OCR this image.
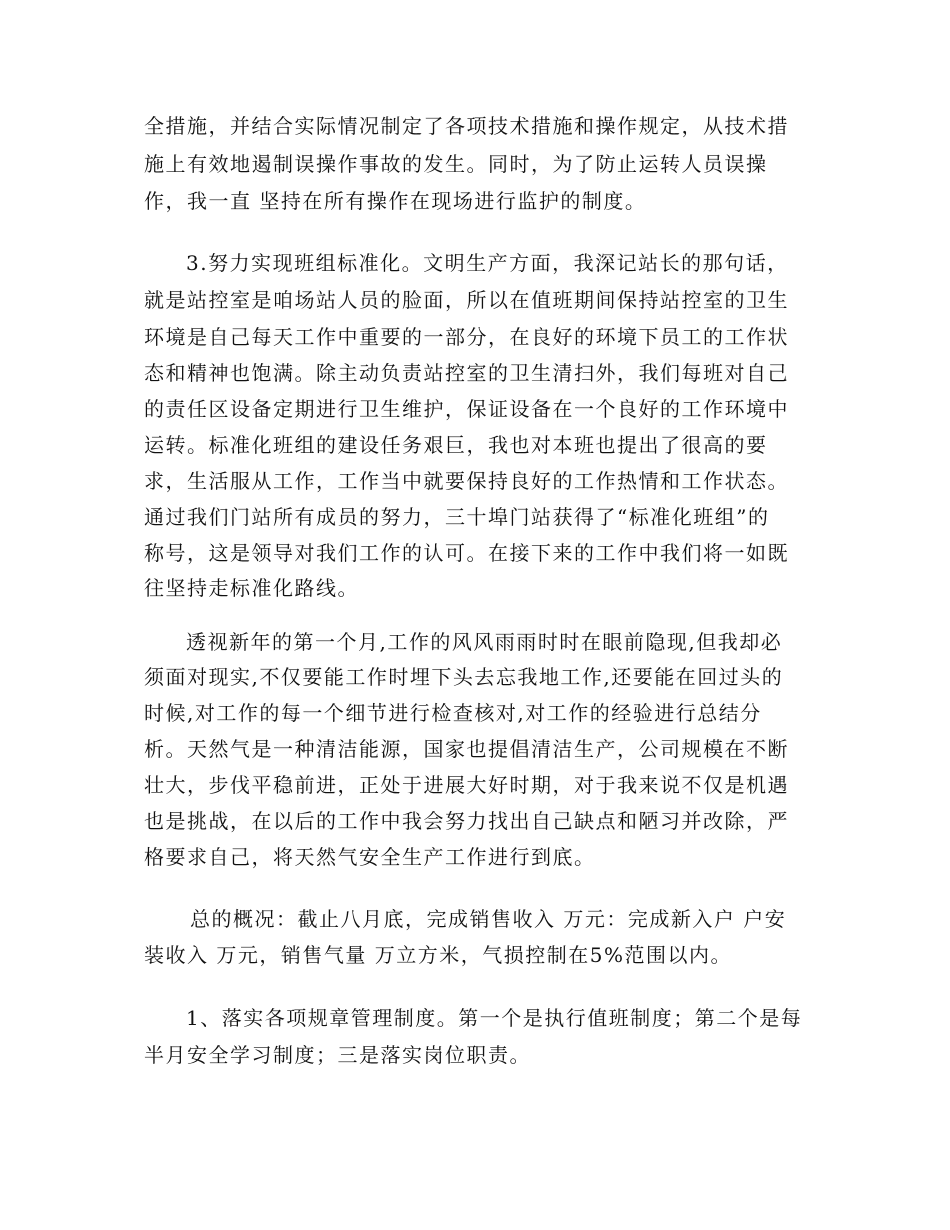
全措施，并结合实际情况制定了各项技术措施和操作规定，从技术措
施上有效地遏制误操作事故的发生。同时，为了防止运转人员误操
作，我一直 坚持在所有操作在现场进行监护的制度。
3.努力实现班组标准化。文明生产方面，我深记站长的那句话，
就是站控室是咱场站人员的脸面，所以在值班期间保持站控室的卫生
环境是自己每天工作中重要的一部分，在良好的环境下员工的工作状
态和精神也饱满。除主动负责站控室的卫生清扫外，我们每班对自己
的责任区设备定期进行卫生维护，保证设备在一个良好的工作环境中
运转。标准化班组的建设任务艰巨，我也对本班也提出了很高的要
求，生活服从工作，工作当中就要保持良好的工作热情和工作状态。
通过我们门站所有成员的努力，三十埠门站获得了“标准化班组”的
称号，这是领导对我们工作的认可。在接下来的工作中我们将一如既
往坚持走标准化路线。
透视新年的第一个月,工作的风风雨雨时时在眼前隐现,但我却必
须面对现实,不仅要能工作时埋下头去忘我地工作,还要能在回过头的
时候,对工作的每一个细节进行检查核对,对工作的经验进行总结分
析。天然气是一种清洁能源，国家也提倡清洁生产，公司规模在不断
壮大，步伐平稳前进，正处于进展大好时期，对于我来说不仅是机遇
也是挑战，在以后的工作中我会努力找出自己缺点和陋习并改除，严
格要求自己，将天然气安全生产工作进行到底。
总的概况：截止八月底，完成销售收入 万元：完成新入户 户安
装收入 万元，销售气量 万立方米，气损控制在5%范围以内。
1、落实各项规章管理制度。第一个是执行值班制度；第二个是每
半月安全学习制度；三是落实岗位职责。
